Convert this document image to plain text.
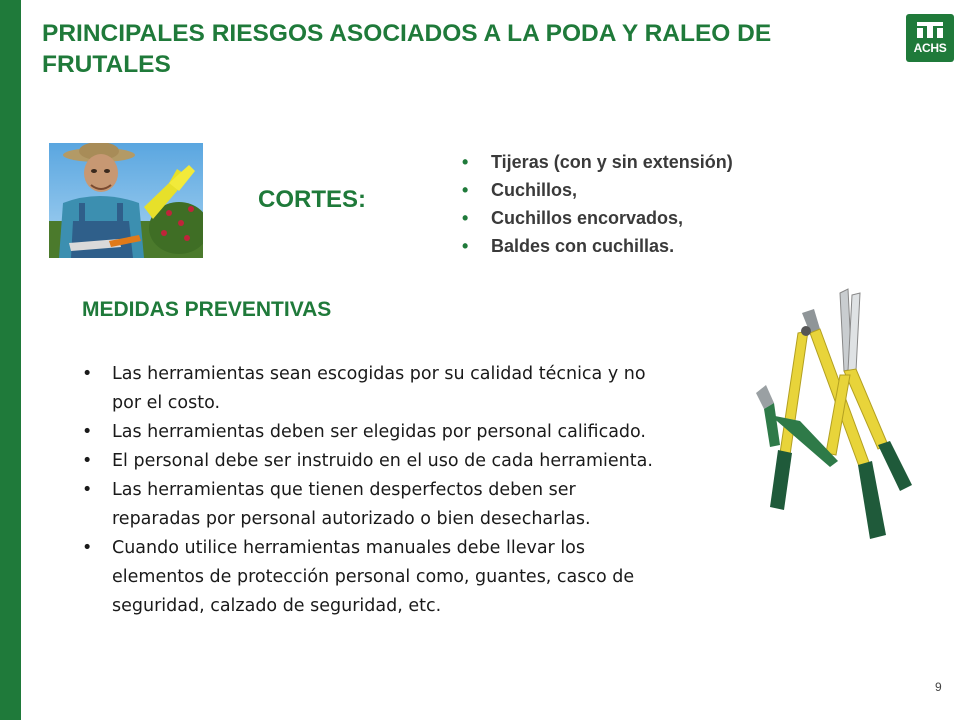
PRINCIPALES RIESGOS ASOCIADOS A LA PODA Y RALEO DE FRUTALES
ACHS
CORTES:
• Tijeras (con y sin extensión)
• Cuchillos,
• Cuchillos encorvados,
• Baldes con cuchillas.
MEDIDAS PREVENTIVAS
• Las herramientas sean escogidas por su calidad técnica y no por el costo.
• Las herramientas deben ser elegidas por personal calificado.
• El personal debe ser instruido en el uso de cada herramienta.
• Las herramientas que tienen desperfectos deben ser reparadas por personal autorizado o bien desecharlas.
• Cuando utilice herramientas manuales debe llevar los elementos de protección personal como, guantes, casco de seguridad, calzado de seguridad, etc.
9
